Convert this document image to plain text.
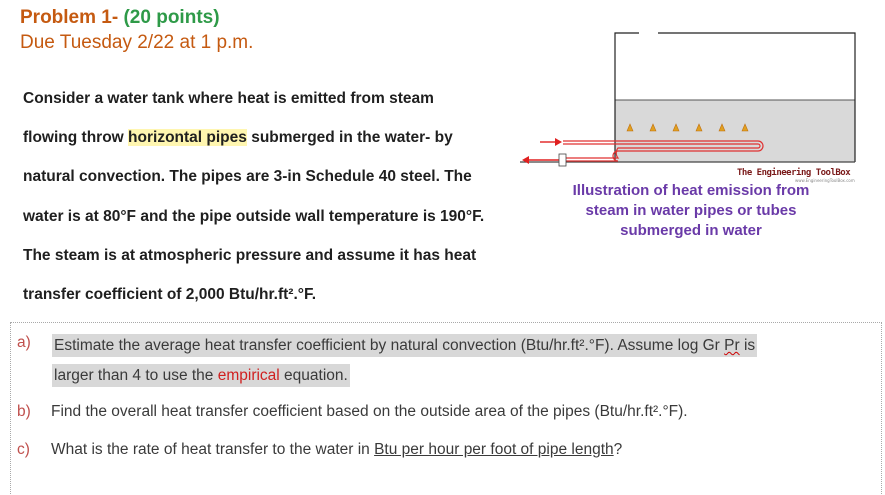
Problem 1- (20 points)
Due Tuesday 2/22 at 1 p.m.
Consider a water tank where heat is emitted from steam
flowing throw horizontal pipes submerged in the water- by
natural convection. The pipes are 3-in Schedule 40 steel. The
water is at 80°F and the pipe outside wall temperature is 190°F.
The steam is at atmospheric pressure and assume it has heat
transfer coefficient of 2,000 Btu/hr.ft².°F.
The Engineering ToolBox
www.EngineeringToolBox.com
Illustration of heat emission from steam in water pipes or tubes submerged in water
a) Estimate the average heat transfer coefficient by natural convection (Btu/hr.ft².°F). Assume log Gr Pr is
larger than 4 to use the empirical equation.
b) Find the overall heat transfer coefficient based on the outside area of the pipes (Btu/hr.ft².°F).
c) What is the rate of heat transfer to the water in Btu per hour per foot of pipe length?
